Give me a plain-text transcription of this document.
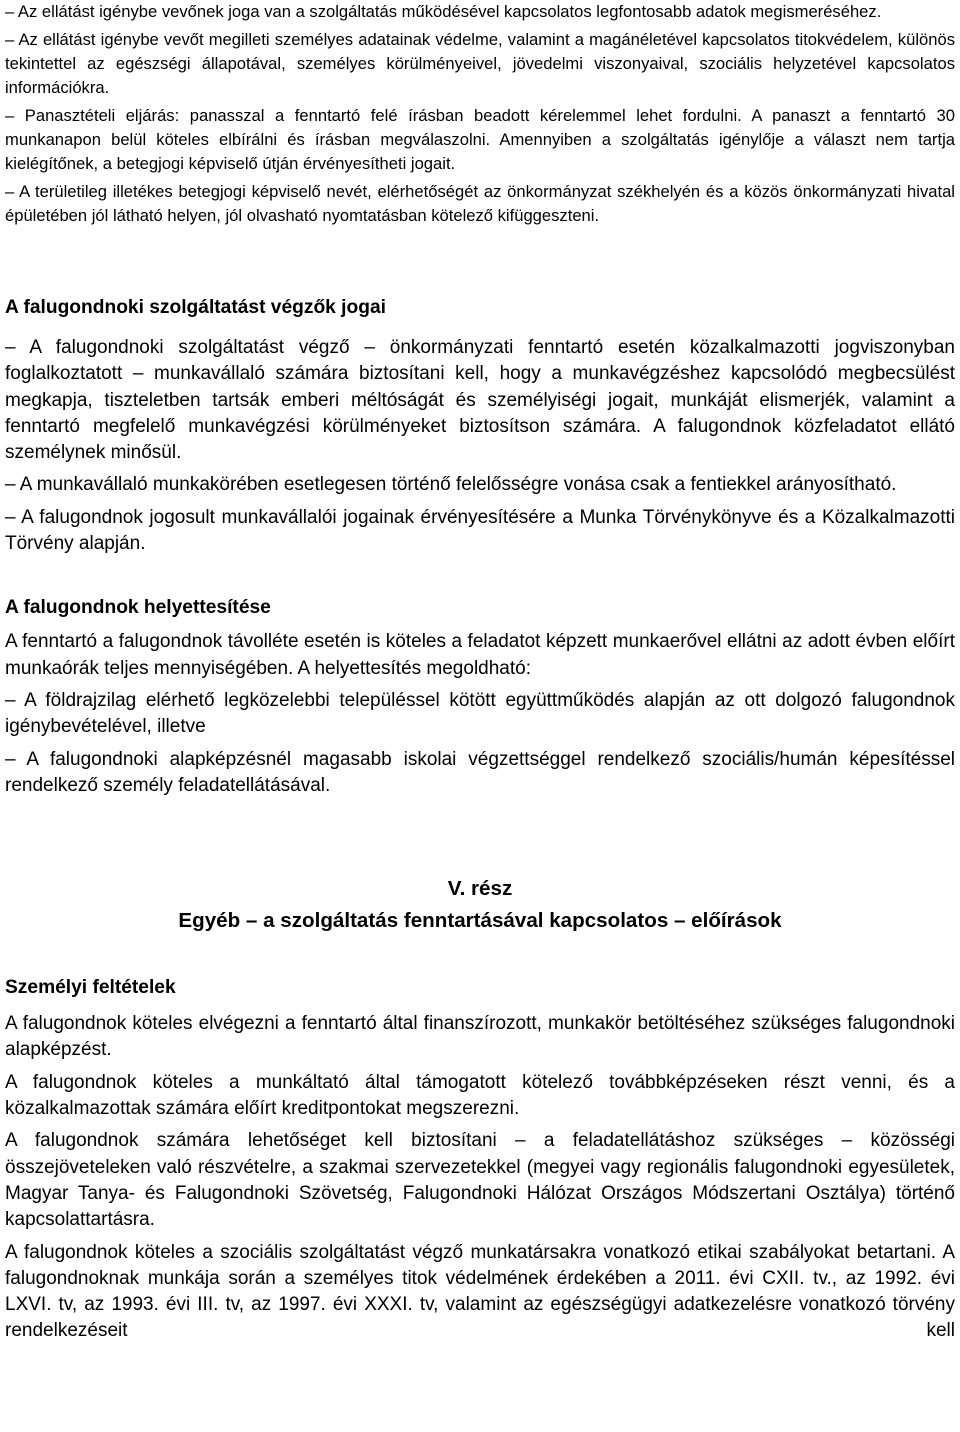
– Az ellátást igénybe vevőnek joga van a szolgáltatás működésével kapcsolatos legfontosabb adatok megismeréséhez.

– Az ellátást igénybe vevőt megilleti személyes adatainak védelme, valamint a magánéletével kapcsolatos titokvédelem, különös tekintettel az egészségi állapotával, személyes körülményeivel, jövedelmi viszonyaival, szociális helyzetével kapcsolatos információkra.

– Panasztételi eljárás: panasszal a fenntartó felé írásban beadott kérelemmel lehet fordulni. A panaszt a fenntartó 30 munkanapon belül köteles elbírálni és írásban megválaszolni. Amennyiben a szolgáltatás igénylője a választ nem tartja kielégítőnek, a betegjogi képviselő útján érvényesítheti jogait.

– A területileg illetékes betegjogi képviselő nevét, elérhetőségét az önkormányzat székhelyén és a közös önkormányzati hivatal épületében jól látható helyen, jól olvasható nyomtatásban kötelező kifüggeszteni.

A falugondnoki szolgáltatást végzők jogai

– A falugondnoki szolgáltatást végző – önkormányzati fenntartó esetén közalkalmazotti jogviszonyban foglalkoztatott – munkavállaló számára biztosítani kell, hogy a munkavégzéshez kapcsolódó megbecsülést megkapja, tiszteletben tartsák emberi méltóságát és személyiségi jogait, munkáját elismerjék, valamint a fenntartó megfelelő munkavégzési körülményeket biztosítson számára. A falugondnok közfeladatot ellátó személynek minősül.

– A munkavállaló munkakörében esetlegesen történő felelősségre vonása csak a fentiekkel arányosítható.

– A falugondnok jogosult munkavállalói jogainak érvényesítésére a Munka Törvénykönyve és a Közalkalmazotti Törvény alapján.

A falugondnok helyettesítése

A fenntartó a falugondnok távolléte esetén is köteles a feladatot képzett munkaerővel ellátni az adott évben előírt munkaórák teljes mennyiségében. A helyettesítés megoldható:

– A földrajzilag elérhető legközelebbi településsel kötött együttműködés alapján az ott dolgozó falugondnok igénybevételével, illetve

– A falugondnoki alapképzésnél magasabb iskolai végzettséggel rendelkező szociális/humán képesítéssel rendelkező személy feladatellátásával.

V. rész

Egyéb – a szolgáltatás fenntartásával kapcsolatos – előírások

Személyi feltételek

A falugondnok köteles elvégezni a fenntartó által finanszírozott, munkakör betöltéséhez szükséges falugondnoki alapképzést.

A falugondnok köteles a munkáltató által támogatott kötelező továbbképzéseken részt venni, és a közalkalmazottak számára előírt kreditpontokat megszerezni.

A falugondnok számára lehetőséget kell biztosítani – a feladatellátáshoz szükséges – közösségi összejöveteleken való részvételre, a szakmai szervezetekkel (megyei vagy regionális falugondnoki egyesületek, Magyar Tanya- és Falugondnoki Szövetség, Falugondnoki Hálózat Országos Módszertani Osztálya) történő kapcsolattartásra.

A falugondnok köteles a szociális szolgáltatást végző munkatársakra vonatkozó etikai szabályokat betartani. A falugondnoknak munkája során a személyes titok védelmének érdekében a 2011. évi CXII. tv., az 1992. évi LXVI. tv, az 1993. évi III. tv, az 1997. évi XXXI. tv, valamint az egészségügyi adatkezelésre vonatkozó törvény rendelkezéseit kell
